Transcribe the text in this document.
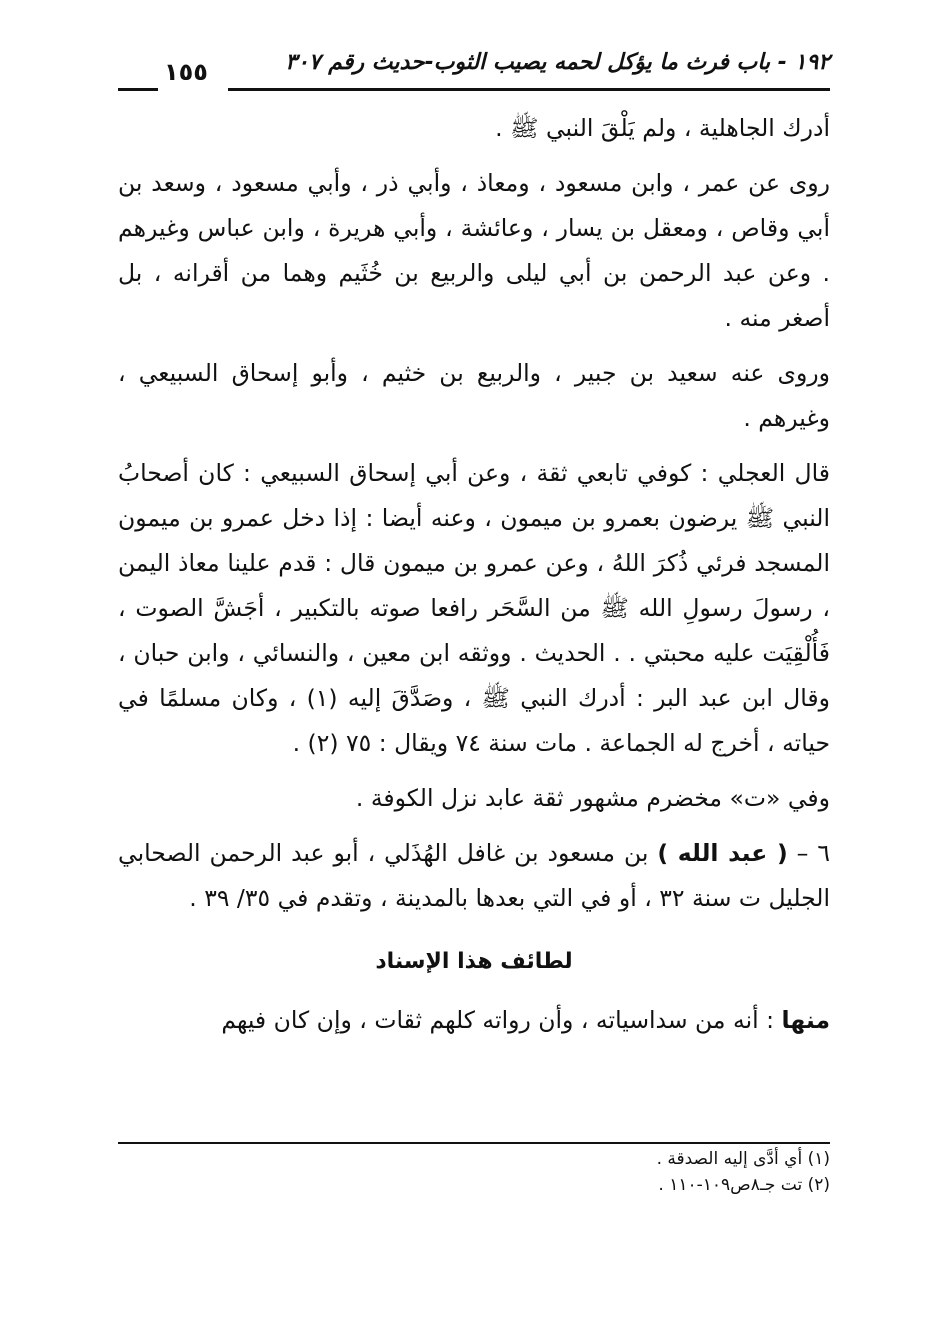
١٩٢ - باب فرث ما يؤكل لحمه يصيب الثوب-حديث رقم ٣٠٧
١٥٥

أدرك الجاهلية ، ولم يَلْقَ النبي ﷺ .

روى عن عمر ، وابن مسعود ، ومعاذ ، وأبي ذر ، وأبي مسعود ، وسعد بن أبي وقاص ، ومعقل بن يسار ، وعائشة ، وأبي هريرة ، وابن عباس وغيرهم . وعن عبد الرحمن بن أبي ليلى والربيع بن خُثَيم وهما من أقرانه ، بل أصغر منه .

وروى عنه سعيد بن جبير ، والربيع بن خثيم ، وأبو إسحاق السبيعي ، وغيرهم .

قال العجلي : كوفي تابعي ثقة ، وعن أبي إسحاق السبيعي : كان أصحابُ النبي ﷺ يرضون بعمرو بن ميمون ، وعنه أيضا : إذا دخل عمرو بن ميمون المسجد فرئي ذُكرَ اللهُ ، وعن عمرو بن ميمون قال : قدم علينا معاذ اليمن ، رسولَ رسولِ الله ﷺ من السَّحَر رافعا صوته بالتكبير ، أجَشَّ الصوت ، فَأُلْقِيَت عليه محبتي . . الحديث . ووثقه ابن معين ، والنسائي ، وابن حبان ، وقال ابن عبد البر : أدرك النبي ﷺ ، وصَدَّقَ إليه (١) ، وكان مسلمًا في حياته ، أخرج له الجماعة . مات سنة ٧٤ ويقال : ٧٥ (٢) .

وفي «ت» مخضرم مشهور ثقة عابد نزل الكوفة .

٦ – ( عبد الله ) بن مسعود بن غافل الهُذَلي ، أبو عبد الرحمن الصحابي الجليل ت سنة ٣٢ ، أو في التي بعدها بالمدينة ، وتقدم في ٣٥/ ٣٩ .

لطائف هذا الإسناد

منها : أنه من سداسياته ، وأن رواته كلهم ثقات ، وإن كان فيهم

(١) أي أدَّى إليه الصدقة .
(٢) تت جـ٨ص١٠٩-١١٠ .
